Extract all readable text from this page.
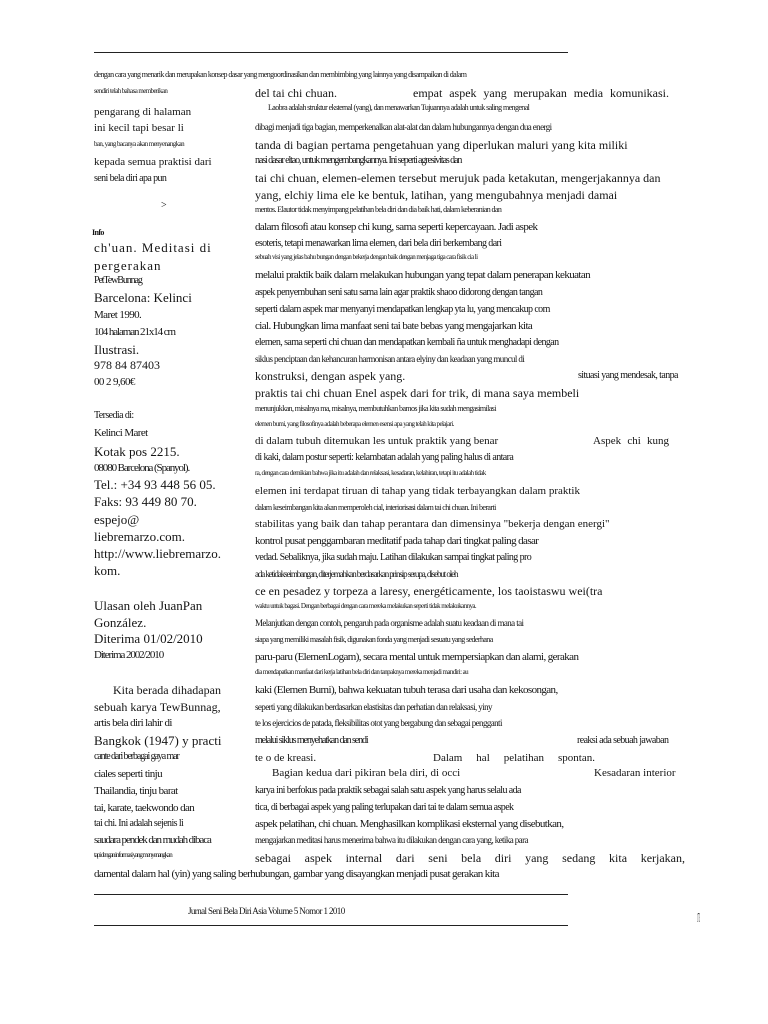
dengan cara yang menarik dan merupakan konsep dasar yang mengoordinasikan dan membimbing yang lainnya yang disampaikan di dalam
sendiri telah bahasa memberikan
pengarang di halaman
ini kecil tapi besar li
ban, yang bacanya akan menyenangkan
kepada semua praktisi dari
seni bela diri apa pun
>
Info
ch'uan. Meditasi di
pergerakan
PetTewBunnag
Barcelona: Kelinci
Maret 1990.
104 halaman 21x14 cm
Ilustrasi.
978 84 87403
00 2 9,60€
Tersedia di:
Kelinci Maret
Kotak pos 2215.
08080 Barcelona (Spanyol).
Tel.: +34 93 448 56 05.
Faks: 93 449 80 70.
espejo@
liebremarzo.com.
http://www.liebremarzo.
kom.
Ulasan oleh JuanPan
González.
Diterima 01/02/2010
Diterima 2002/2010
Kita berada dihadapan
sebuah karya TewBunnag,
artis bela diri lahir di
Bangkok (1947) y practi
cante dari berbagai gaya mar
ciales seperti tinju
Thailandia, tinju barat
tai, karate, taekwondo dan
tai chi. Ini adalah sejenis li
saudara pendek dan mudah dibaca
tapi dengan informasi yang menyenangkan
del tai chi chuan.	empat aspek yang merupakan media komunikasi.
Laobra adalah struktur eksternal (yang), dan menawarkan Tujuannya adalah untuk saling mengenal
dibagi menjadi tiga bagian, memperkenalkan alat-alat dan dalam hubungannya dengan dua energi
tanda di bagian pertama pengetahuan yang diperlukan maluri yang kita miliki
nasi dasar eltao, untuk mengembangkannya. Ini seperti agresivitas dan
tai chi chuan, elemen-elemen tersebut merujuk pada ketakutan, mengerjakannya dan
yang, elchiy lima ele ke bentuk, latihan, yang mengubahnya menjadi damai
mentos. Elautor tidak menyimpang pelatihan bela diri dan dia baik hati, dalam keberanian dan
dalam filosofi atau konsep chi kung, sama seperti kepercayaan. Jadi aspek
esoteris, tetapi menawarkan lima elemen, dari bela diri berkembang dari
sebuah visi yang jelas bahu bungan dengan bekerja dengan baik dengan menjaga tiga cara fisik cia li
melalui praktik baik dalam melakukan hubungan yang tepat dalam penerapan kekuatan
aspek penyembuhan seni satu sama lain agar praktik shaoo didorong dengan tangan
seperti dalam aspek mar menyanyi mendapatkan lengkap yta lu, yang mencakup com
cial. Hubungkan lima manfaat seni tai bate bebas yang mengajarkan kita
elemen, sama seperti chi chuan dan mendapatkan kembali ña untuk menghadapi dengan
siklus penciptaan dan kehancuran harmonisan antara elyiny dan keadaan yang muncul di
konstruksi, dengan aspek yang.	situasi yang mendesak, tanpa
praktis tai chi chuan Enel aspek dari for trik, di mana saya membeli
menunjukkan, misalnya ma, misalnya, membutuhkan bamos jika kita sudah mengasimilasi
elemen bumi, yang filosofinya adalah beberapa elemen esensi apa yang telah kita pelajari.
di dalam tubuh ditemukan les untuk praktik yang benar	Aspek chi kung
di kaki, dalam postur seperti: kelambatan adalah yang paling halus di antara
ra, dengan cara demikian bahwa jika itu adalah dan relaksasi, kesadaran, kelahiran, tetapi itu adalah tidak
elemen ini terdapat tiruan di tahap yang tidak terbayangkan dalam praktik
dalam keseimbangan kita akan memperoleh cial, interiorisasi dalam tai chi chuan. Ini berarti
stabilitas yang baik dan tahap perantara dan dimensinya "bekerja dengan energi"
kontrol pusat penggambaran meditatif pada tahap dari tingkat paling dasar
vedad. Sebaliknya, jika sudah maju. Latihan dilakukan sampai tingkat paling pro
ada ketidakseimbangan, diterjemahkan berdasarkan prinsip serupa, disebut oleh
ce en pesadez y torpeza a laresy, energéticamente, los taoistaswu wei(tra
waktu untuk bagasi. Dengan berbagai dengan cara mereka melakukan seperti tidak melakukannya.
Melanjutkan dengan contoh, pengaruh pada organisme adalah suatu keadaan di mana tai
siapa yang memiliki masalah fisik, digunakan fonda yang menjadi sesuatu yang sederhana
paru-paru (ElemenLogam), secara mental untuk mempersiapkan dan alami, gerakan
dia mendapatkan manfaat dari kerja latihan bela diri dan tanpaknya mereka menjadi mandiri: au
kaki (Elemen Bumi), bahwa kekuatan tubuh terasa dari usaha dan kekosongan,
seperti yang dilakukan berdasarkan elastisitas dan perhatian dan relaksasi, yiny
te los ejercicios de patada, fleksibilitas otot yang bergabung dan sebagai pengganti
melalui siklus menyehatkan dan sendi	reaksi ada sebuah jawaban
te o de kreasi.	Dalam hal pelatihan spontan.
Bagian kedua dari pikiran bela diri, di occi	Kesadaran interior
karya ini berfokus pada praktik sebagai salah satu aspek yang harus selalu ada
tica, di berbagai aspek yang paling terlupakan dari tai te dalam semua aspek
aspek pelatihan, chi chuan. Menghasilkan komplikasi eksternal yang disebutkan,
mengajarkan meditasi harus menerima bahwa itu dilakukan dengan cara yang, ketika para
sebagai aspek internal dari seni bela diri yang sedang kita kerjakan,
damental dalam hal (yin) yang saling berhubungan, gambar yang disayangkan menjadi pusat gerakan kita
Jurnal Seni Bela Diri Asia Volume 5 Nomor 1 2010	173
